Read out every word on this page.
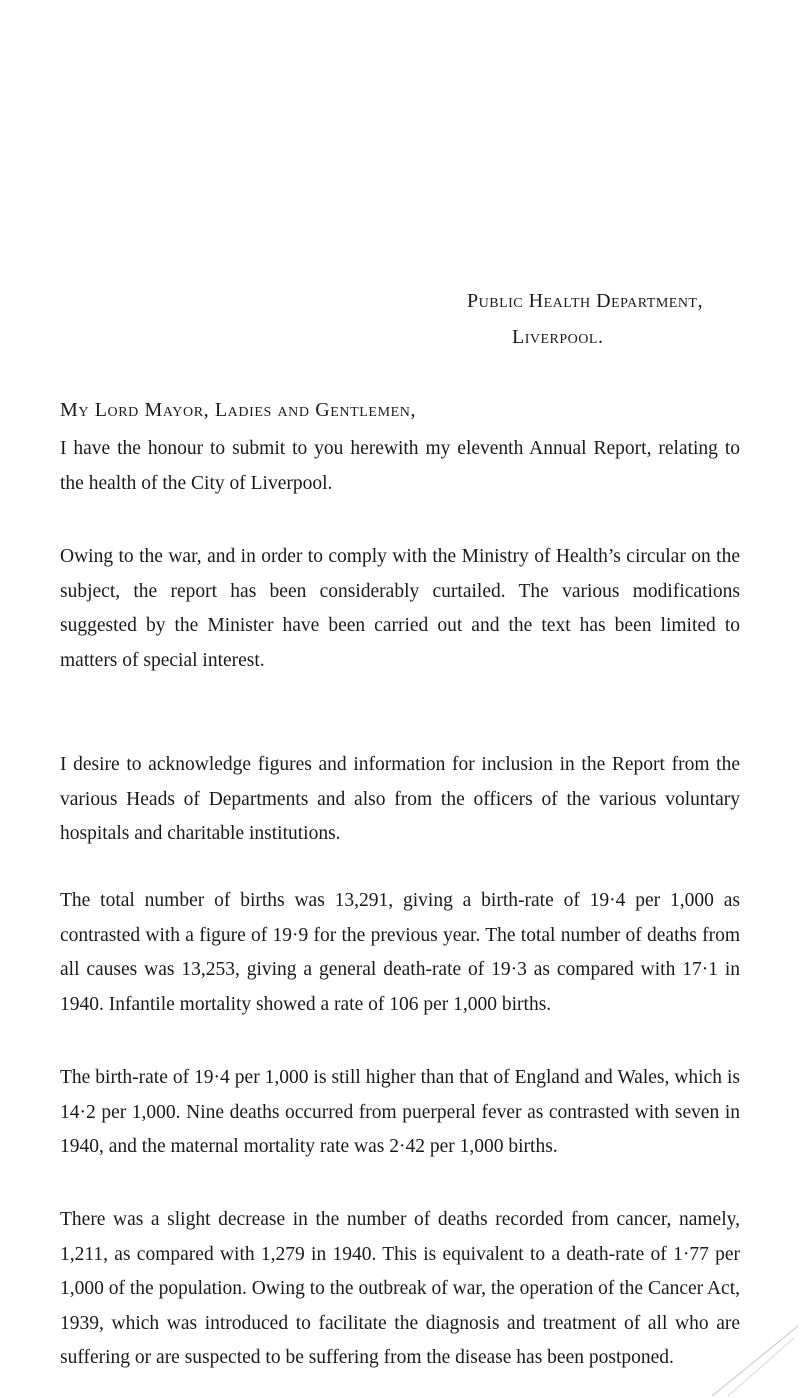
Public Health Department,
Liverpool.
My Lord Mayor, Ladies and Gentlemen,

I have the honour to submit to you herewith my eleventh Annual Report, relating to the health of the City of Liverpool.

Owing to the war, and in order to comply with the Ministry of Health’s circular on the subject, the report has been considerably curtailed. The various modifications suggested by the Minister have been carried out and the text has been limited to matters of special interest.

I desire to acknowledge figures and information for inclusion in the Report from the various Heads of Departments and also from the officers of the various voluntary hospitals and charitable institutions.

The total number of births was 13,291, giving a birth-rate of 19·4 per 1,000 as contrasted with a figure of 19·9 for the previous year. The total number of deaths from all causes was 13,253, giving a general death-rate of 19·3 as compared with 17·1 in 1940. Infantile mortality showed a rate of 106 per 1,000 births.

The birth-rate of 19·4 per 1,000 is still higher than that of England and Wales, which is 14·2 per 1,000. Nine deaths occurred from puerperal fever as contrasted with seven in 1940, and the maternal mortality rate was 2·42 per 1,000 births.

There was a slight decrease in the number of deaths recorded from cancer, namely, 1,211, as compared with 1,279 in 1940. This is equivalent to a death-rate of 1·77 per 1,000 of the population. Owing to the outbreak of war, the operation of the Cancer Act, 1939, which was introduced to facilitate the diagnosis and treatment of all who are suffering or are suspected to be suffering from the disease has been postponed.
